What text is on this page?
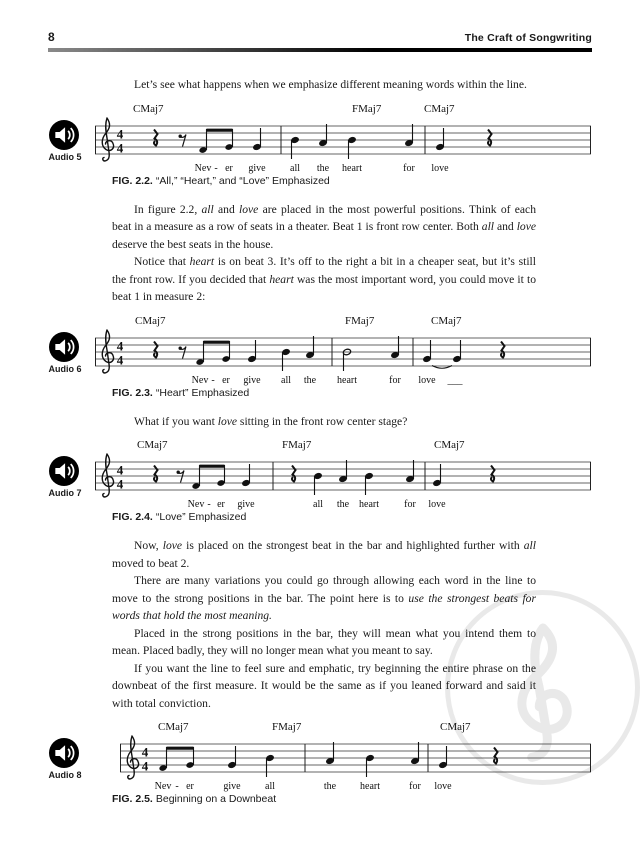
8	The Craft of Songwriting

Let’s see what happens when we emphasize different meaning words within the line.

Audio 5
4
4
CMaj7	FMaj7	CMaj7
Nev - er give all the heart	for love
FIG. 2.2. “All,” “Heart,” and “Love” Emphasized

In figure 2.2, all and love are placed in the most powerful positions. Think of each beat in a measure as a row of seats in a theater. Beat 1 is front row center. Both all and love deserve the best seats in the house.

Notice that heart is on beat 3. It’s off to the right a bit in a cheaper seat, but it’s still the front row. If you decided that heart was the most important word, you could move it to beat 1 in measure 2:

Audio 6
4
4
CMaj7	FMaj7	CMaj7
Nev - er give all the heart	for love ___
FIG. 2.3. “Heart” Emphasized

What if you want love sitting in the front row center stage?

Audio 7
4
4
CMaj7	FMaj7	CMaj7
Nev - er give	all the heart	for love
FIG. 2.4. “Love” Emphasized

Now, love is placed on the strongest beat in the bar and highlighted further with all moved to beat 2.

There are many variations you could go through allowing each word in the line to move to the strong positions in the bar. The point here is to use the strongest beats for words that hold the most meaning.

Placed in the strong positions in the bar, they will mean what you intend them to mean. Placed badly, they will no longer mean what you meant to say.

If you want the line to feel sure and emphatic, try beginning the entire phrase on the downbeat of the first measure. It would be the same as if you leaned forward and said it with total conviction.

Audio 8
4
4
CMaj7	FMaj7	CMaj7
Nev - er	give all	the heart	for love
FIG. 2.5. Beginning on a Downbeat
